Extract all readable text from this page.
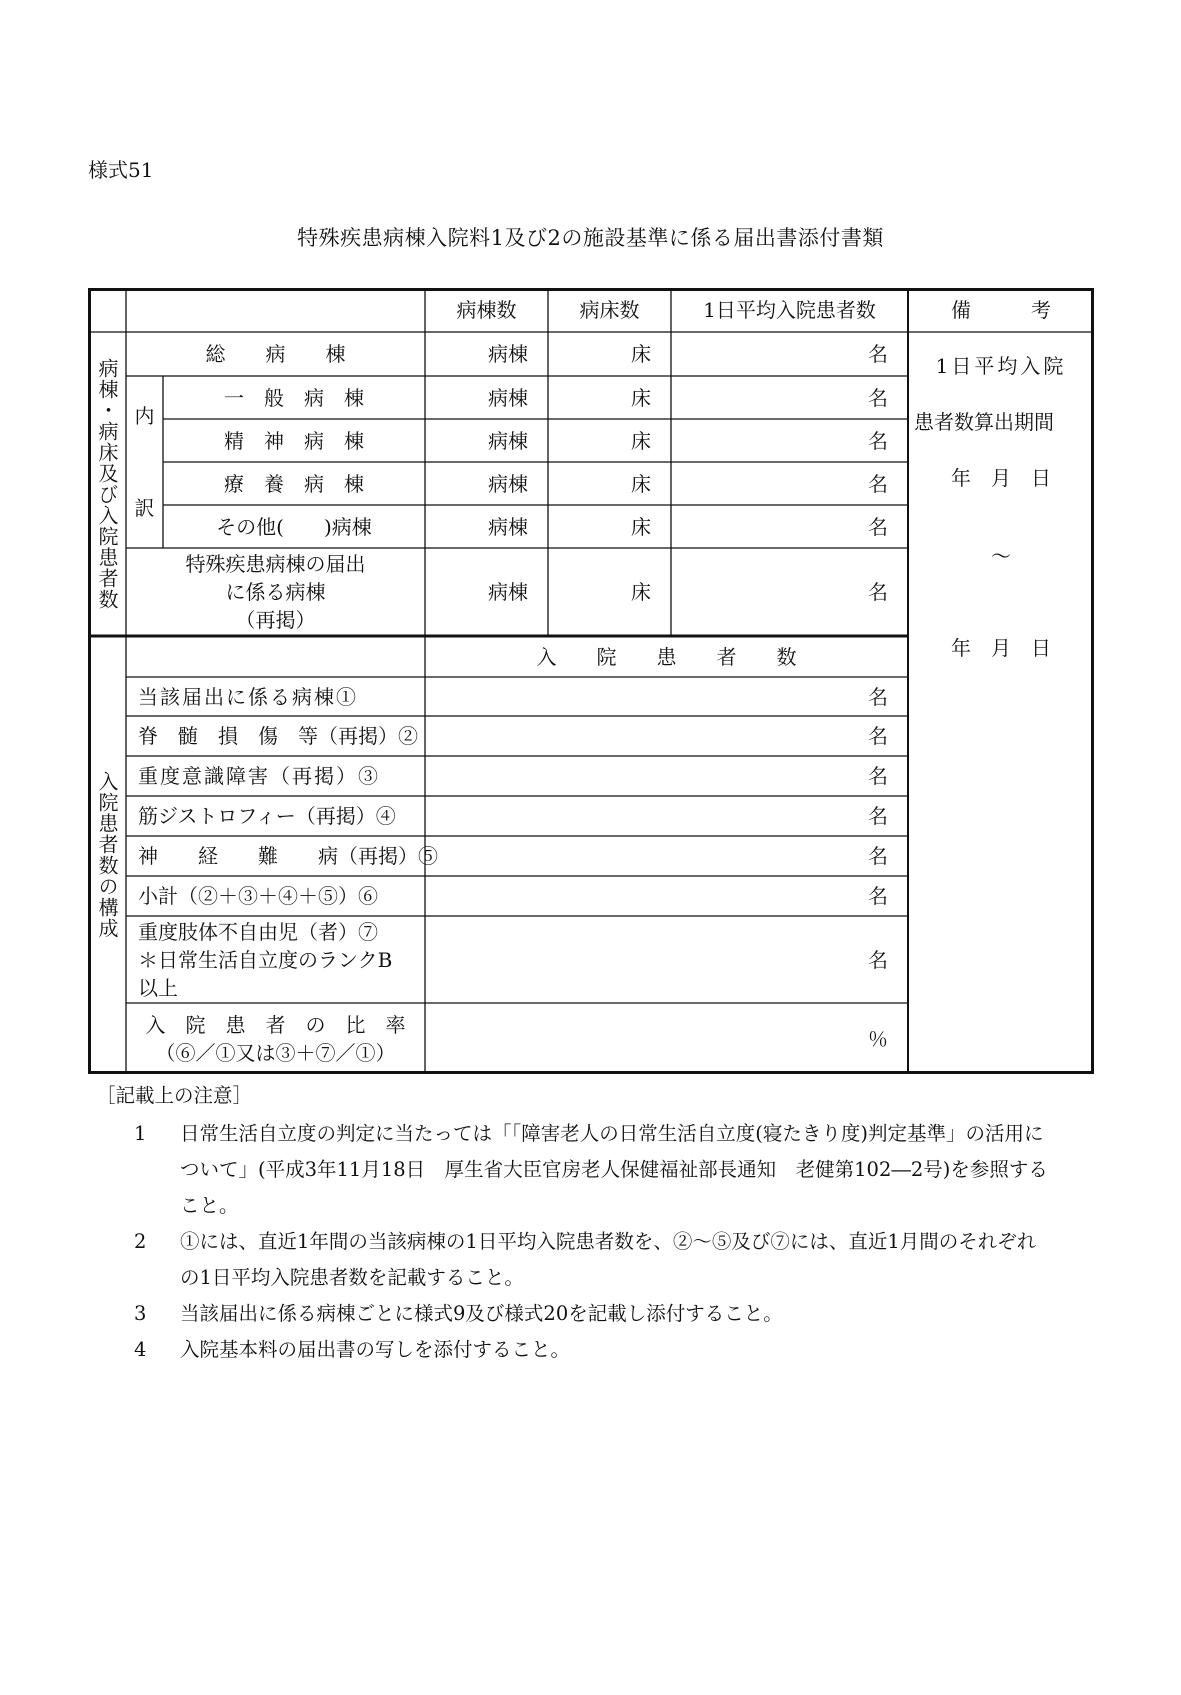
様式51
特殊疾患病棟入院料1及び2の施設基準に係る届出書添付書類
病棟数	病床数	1日平均入院患者数	備　　　考
病棟・病床及び入院患者数 内
訳
総　　病　　棟	病棟	床	名
一　般　病　棟	病棟	床	名
精　神　病　棟	病棟	床	名
療　養　病　棟	病棟	床	名
その他(　　)病棟	病棟	床	名
特殊疾患病棟の届出
に係る病棟
（再掲）
病棟	床	名
1日平均入院
患者数算出期間
年　月　日
～
年　月　日
入院患者数の構成
入　　院　　患　　者　　数
当該届出に係る病棟①	名
脊　髄　損　傷　等（再掲）②	名
重度意識障害（再掲）③	名
筋ジストロフィー（再掲）④	名
神　　経　　難　　病（再掲）⑤	名
小計（②＋③＋④＋⑤）⑥	名
重度肢体不自由児（者）⑦
＊日常生活自立度のランクB
以上
名
入　院　患　者　の　比　率
（⑥／①又は③＋⑦／①）
％
［記載上の注意］
1	日常生活自立度の判定に当たっては「「障害老人の日常生活自立度(寝たきり度)判定基準」の活用について」(平成3年11月18日　厚生省大臣官房老人保健福祉部長通知　老健第102―2号)を参照すること。
2	①には、直近1年間の当該病棟の1日平均入院患者数を、②～⑤及び⑦には、直近1月間のそれぞれの1日平均入院患者数を記載すること。
3	当該届出に係る病棟ごとに様式9及び様式20を記載し添付すること。
4	入院基本料の届出書の写しを添付すること。
